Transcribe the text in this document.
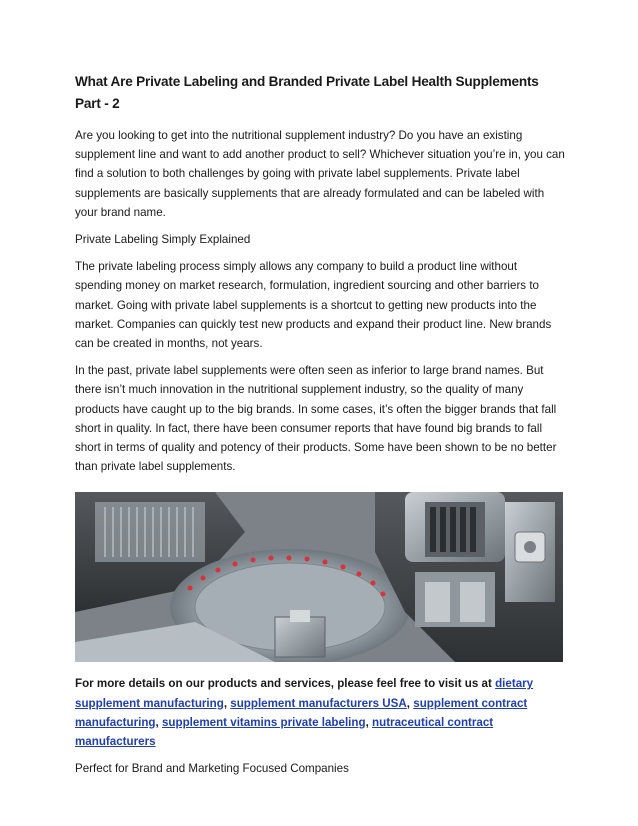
What Are Private Labeling and Branded Private Label Health Supplements Part - 2

Are you looking to get into the nutritional supplement industry? Do you have an existing supplement line and want to add another product to sell? Whichever situation you’re in, you can find a solution to both challenges by going with private label supplements. Private label supplements are basically supplements that are already formulated and can be labeled with your brand name.

Private Labeling Simply Explained

The private labeling process simply allows any company to build a product line without spending money on market research, formulation, ingredient sourcing and other barriers to market. Going with private label supplements is a shortcut to getting new products into the market. Companies can quickly test new products and expand their product line. New brands can be created in months, not years.

In the past, private label supplements were often seen as inferior to large brand names. But there isn’t much innovation in the nutritional supplement industry, so the quality of many products have caught up to the big brands. In some cases, it’s often the bigger brands that fall short in quality. In fact, there have been consumer reports that have found big brands to fall short in terms of quality and potency of their products. Some have been shown to be no better than private label supplements.

For more details on our products and services, please feel free to visit us at dietary supplement manufacturing, supplement manufacturers USA, supplement contract manufacturing, supplement vitamins private labeling, nutraceutical contract manufacturers

Perfect for Brand and Marketing Focused Companies
